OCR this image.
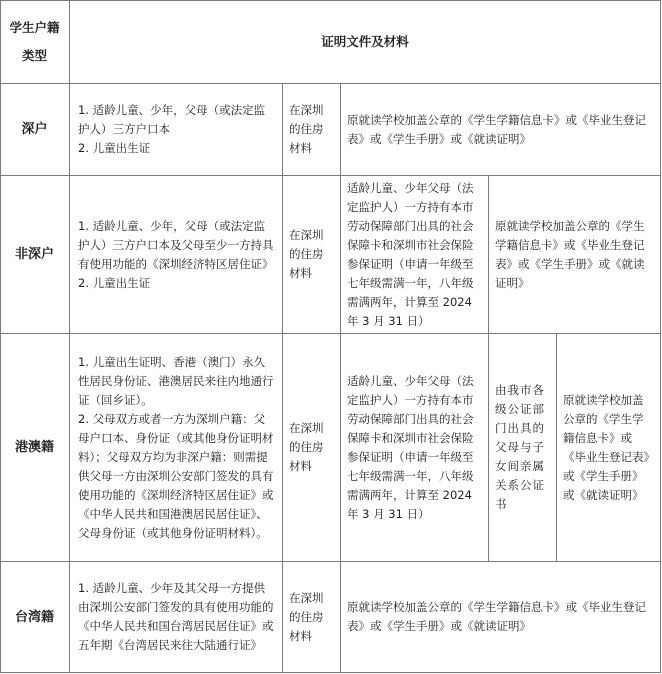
学生户籍
类型
证明文件及材料
深户
1. 适龄儿童、少年，父母（或法定监护人）三方户口本
2. 儿童出生证
在深圳的住房材料
原就读学校加盖公章的《学生学籍信息卡》或《毕业生登记表》或《学生手册》或《就读证明》
非深户
1. 适龄儿童、少年，父母（或法定监护人）三方户口本及父母至少一方持具有使用功能的《深圳经济特区居住证》
2. 儿童出生证
在深圳的住房材料
适龄儿童、少年父母（法定监护人）一方持有本市劳动保障部门出具的社会保障卡和深圳市社会保险参保证明（申请一年级至七年级需满一年，八年级需满两年，计算至 2024 年 3 月 31 日）
原就读学校加盖公章的《学生学籍信息卡》或《毕业生登记表》或《学生手册》或《就读证明》
港澳籍
1. 儿童出生证明、香港（澳门）永久性居民身份证、港澳居民来往内地通行证（回乡证）。
2. 父母双方或者一方为深圳户籍：父母户口本、身份证（或其他身份证明材料）；父母双方均为非深户籍：则需提供父母一方由深圳公安部门签发的具有使用功能的《深圳经济特区居住证》或《中华人民共和国港澳居民居住证》、父母身份证（或其他身份证明材料）。
在深圳的住房材料
适龄儿童、少年父母（法定监护人）一方持有本市劳动保障部门出具的社会保障卡和深圳市社会保险参保证明（申请一年级至七年级需满一年，八年级需满两年，计算至 2024 年 3 月 31 日）
由我市各级公证部门出具的父母与子女间亲属关系公证书
原就读学校加盖公章的《学生学籍信息卡》或《毕业生登记表》或《学生手册》或《就读证明》
台湾籍
1. 适龄儿童、少年及其父母一方提供由深圳公安部门签发的具有使用功能的《中华人民共和国台湾居民居住证》或五年期《台湾居民来往大陆通行证》
在深圳的住房材料
原就读学校加盖公章的《学生学籍信息卡》或《毕业生登记表》或《学生手册》或《就读证明》
